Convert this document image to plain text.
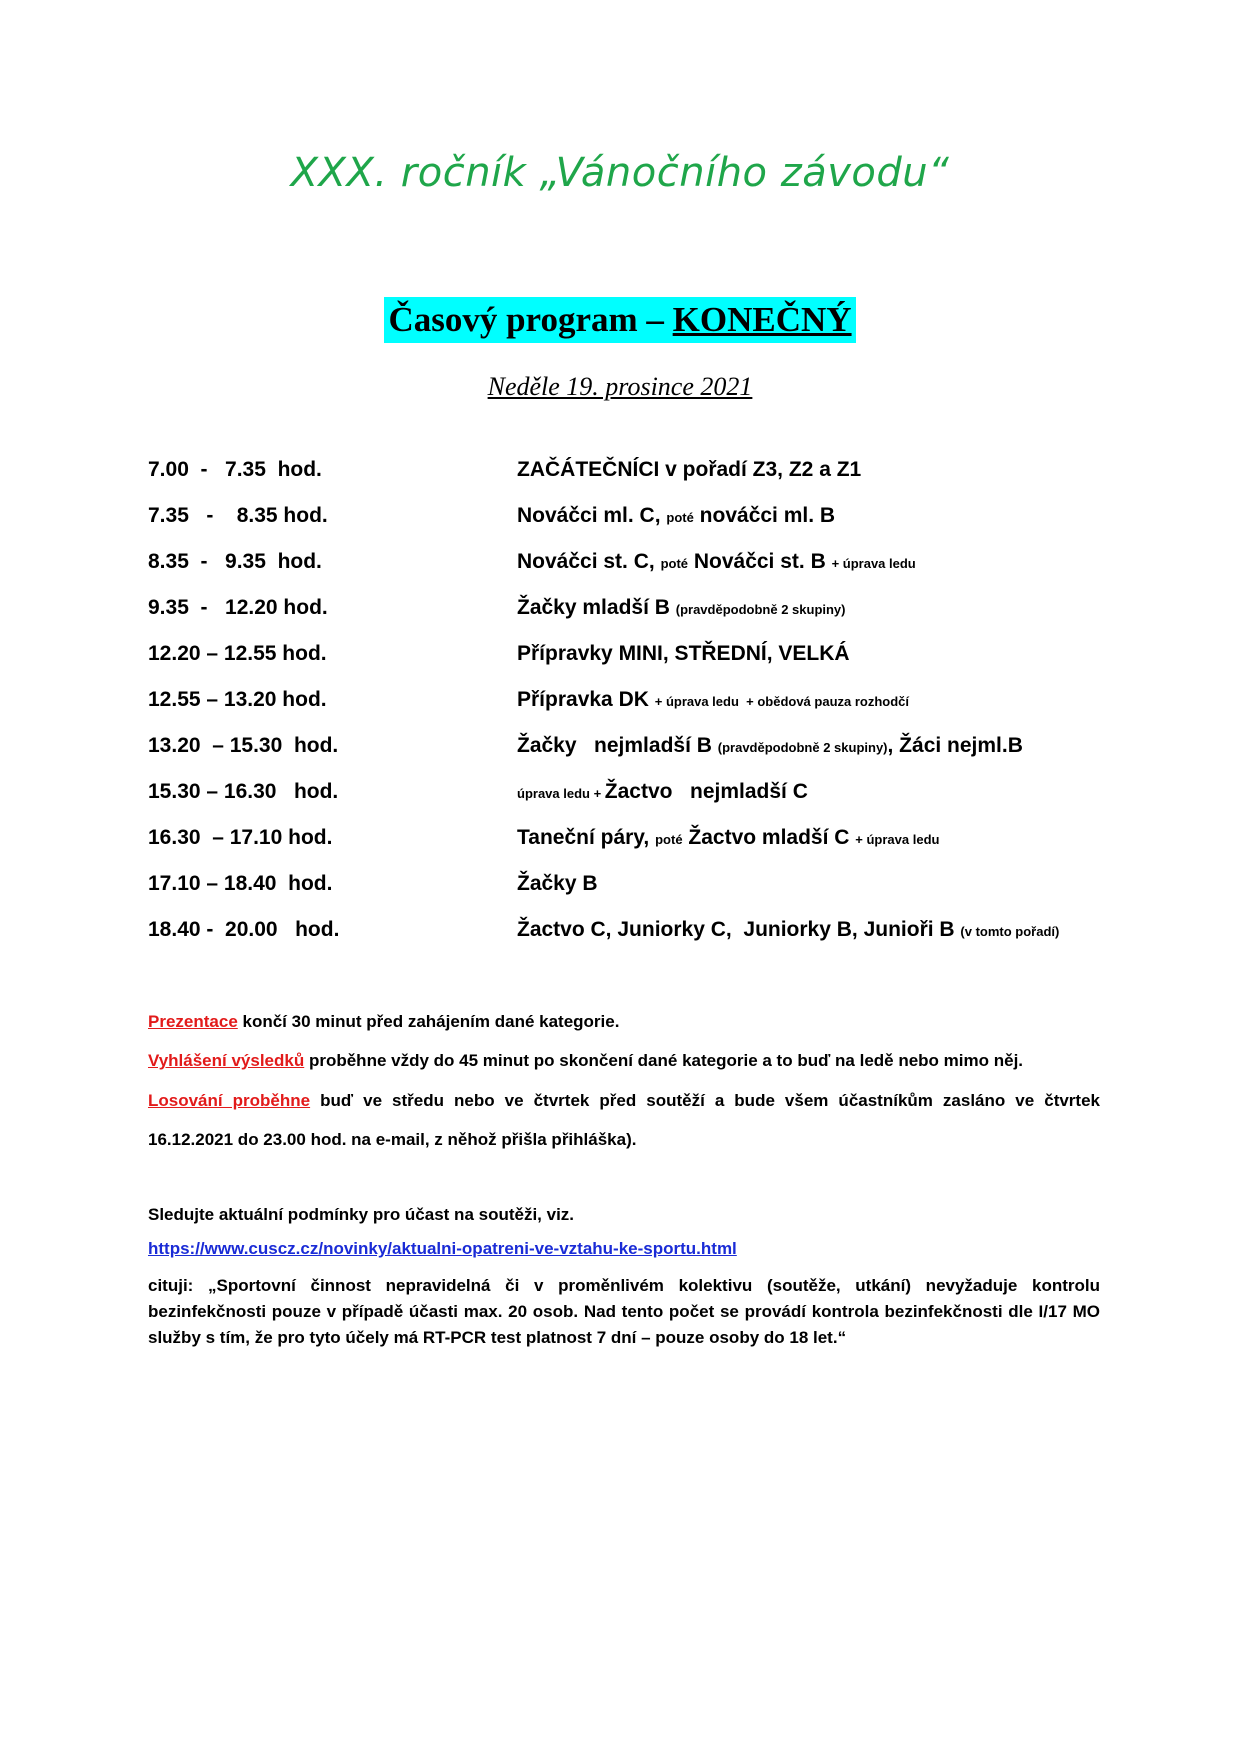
XXX. ročník „Vánočního závodu“
Časový program – KONEČNÝ
Neděle 19. prosince 2021
7.00  -   7.35  hod.	ZAČÁTEČNÍCI v pořadí Z3, Z2 a Z1
7.35   -    8.35 hod.	Nováčci ml. C, poté nováčci ml. B
8.35  -   9.35  hod.	Nováčci st. C, poté Nováčci st. B + úprava ledu
9.35  -   12.20 hod.	Žačky mladší B (pravděpodobně 2 skupiny)
12.20 – 12.55 hod.	Přípravky MINI, STŘEDNÍ, VELKÁ
12.55 – 13.20 hod.	Přípravka DK + úprava ledu  + obědová pauza rozhodčí
13.20  – 15.30  hod.	Žačky   nejmladší B (pravděpodobně 2 skupiny), Žáci nejml.B
15.30 – 16.30   hod.	úprava ledu + Žactvo   nejmladší C
16.30  – 17.10 hod.	Taneční páry, poté Žactvo mladší C + úprava ledu
17.10 – 18.40  hod.	Žačky B
18.40 -  20.00   hod.	Žactvo C, Juniorky C,  Juniorky B, Junioři B (v tomto pořadí)

Prezentace končí 30 minut před zahájením dané kategorie.

Vyhlášení výsledků proběhne vždy do 45 minut po skončení dané kategorie a to buď na ledě nebo mimo něj.

Losování proběhne buď ve středu nebo ve čtvrtek před soutěží a bude všem účastníkům zasláno ve čtvrtek 16.12.2021 do 23.00 hod. na e-mail, z něhož přišla přihláška).

Sledujte aktuální podmínky pro účast na soutěži, viz.
https://www.cuscz.cz/novinky/aktualni-opatreni-ve-vztahu-ke-sportu.html
cituji: „Sportovní činnost nepravidelná či v proměnlivém kolektivu (soutěže, utkání) nevyžaduje kontrolu bezinfekčnosti pouze v případě účasti max. 20 osob. Nad tento počet se provádí kontrola bezinfekčnosti dle I/17 MO služby s tím, že pro tyto účely má RT-PCR test platnost 7 dní – pouze osoby do 18 let.“
